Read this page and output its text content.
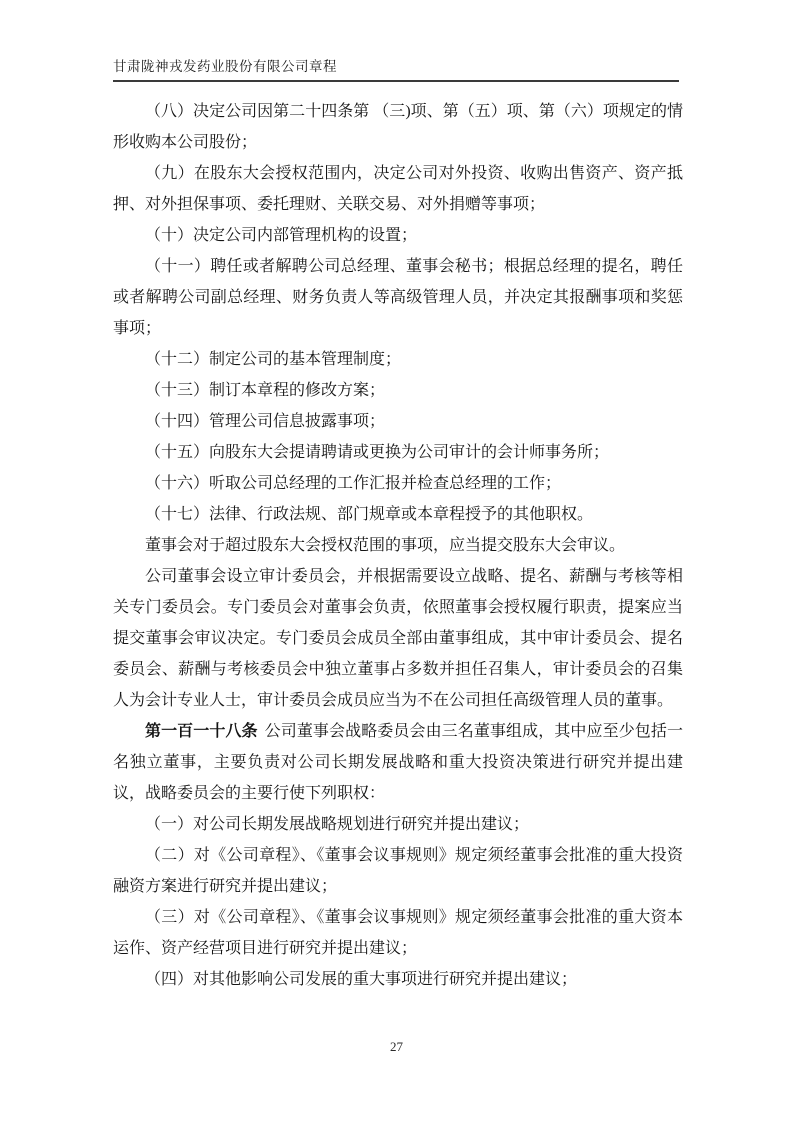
甘肃陇神戎发药业股份有限公司章程

（八）决定公司因第二十四条第 （三)项、第（五）项、第（六）项规定的情形收购本公司股份；

（九）在股东大会授权范围内，决定公司对外投资、收购出售资产、资产抵押、对外担保事项、委托理财、关联交易、对外捐赠等事项；

（十）决定公司内部管理机构的设置；

（十一）聘任或者解聘公司总经理、董事会秘书；根据总经理的提名，聘任或者解聘公司副总经理、财务负责人等高级管理人员，并决定其报酬事项和奖惩事项；

（十二）制定公司的基本管理制度；

（十三）制订本章程的修改方案；

（十四）管理公司信息披露事项；

（十五）向股东大会提请聘请或更换为公司审计的会计师事务所；

（十六）听取公司总经理的工作汇报并检查总经理的工作；

（十七）法律、行政法规、部门规章或本章程授予的其他职权。

董事会对于超过股东大会授权范围的事项，应当提交股东大会审议。

公司董事会设立审计委员会，并根据需要设立战略、提名、薪酬与考核等相关专门委员会。专门委员会对董事会负责，依照董事会授权履行职责，提案应当提交董事会审议决定。专门委员会成员全部由董事组成，其中审计委员会、提名委员会、薪酬与考核委员会中独立董事占多数并担任召集人，审计委员会的召集人为会计专业人士，审计委员会成员应当为不在公司担任高级管理人员的董事。

第一百一十八条 公司董事会战略委员会由三名董事组成，其中应至少包括一名独立董事，主要负责对公司长期发展战略和重大投资决策进行研究并提出建议，战略委员会的主要行使下列职权：

（一）对公司长期发展战略规划进行研究并提出建议；

（二）对《公司章程》、《董事会议事规则》规定须经董事会批准的重大投资融资方案进行研究并提出建议；

（三）对《公司章程》、《董事会议事规则》规定须经董事会批准的重大资本运作、资产经营项目进行研究并提出建议；

（四）对其他影响公司发展的重大事项进行研究并提出建议；

27
